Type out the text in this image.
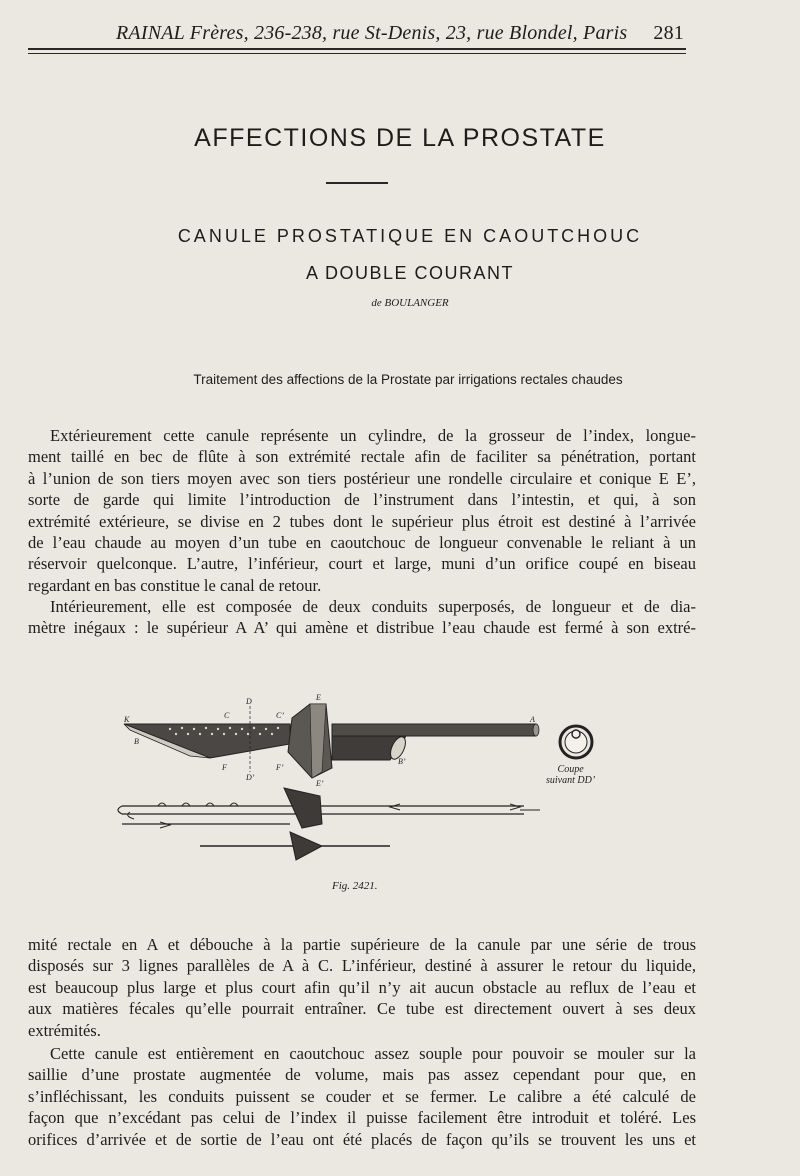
RAINAL Frères, 236-238, rue St-Denis, 23, rue Blondel, Paris 281
AFFECTIONS DE LA PROSTATE
CANULE PROSTATIQUE EN CAOUTCHOUC
A DOUBLE COURANT
de BOULANGER
Traitement des affections de la Prostate par irrigations rectales chaudes
Extérieurement cette canule représente un cylindre, de la grosseur de l’index, longue-
ment taillé en bec de flûte à son extrémité rectale afin de faciliter sa pénétration, portant
à l’union de son tiers moyen avec son tiers postérieur une rondelle circulaire et conique E E’,
sorte de garde qui limite l’introduction de l’instrument dans l’intestin, et qui, à son
extrémité extérieure, se divise en 2 tubes dont le supérieur plus étroit est destiné à l’arrivée
de l’eau chaude au moyen d’un tube en caoutchouc de longueur convenable le reliant à un
réservoir quelconque. L’autre, l’inférieur, court et large, muni d’un orifice coupé en biseau
regardant en bas constitue le canal de retour.
Intérieurement, elle est composée de deux conduits superposés, de longueur et de dia-
mètre inégaux : le supérieur A A’ qui amène et distribue l’eau chaude est fermé à son extré-
K	A
B
B’
C	C’
D
D’
E
E’
F	F’	Coupe
suivant DD’
Fig. 2421.
mité rectale en A et débouche à la partie supérieure de la canule par une série de trous
disposés sur 3 lignes parallèles de A à C. L’inférieur, destiné à assurer le retour du liquide,
est beaucoup plus large et plus court afin qu’il n’y ait aucun obstacle au reflux de l’eau et
aux matières fécales qu’elle pourrait entraîner. Ce tube est directement ouvert à ses deux
extrémités.
Cette canule est entièrement en caoutchouc assez souple pour pouvoir se mouler sur la
saillie d’une prostate augmentée de volume, mais pas assez cependant pour que, en
s’infléchissant, les conduits puissent se couder et se fermer. Le calibre a été calculé de
façon que n’excédant pas celui de l’index il puisse facilement être introduit et toléré. Les
orifices d’arrivée et de sortie de l’eau ont été placés de façon qu’ils se trouvent les uns et
